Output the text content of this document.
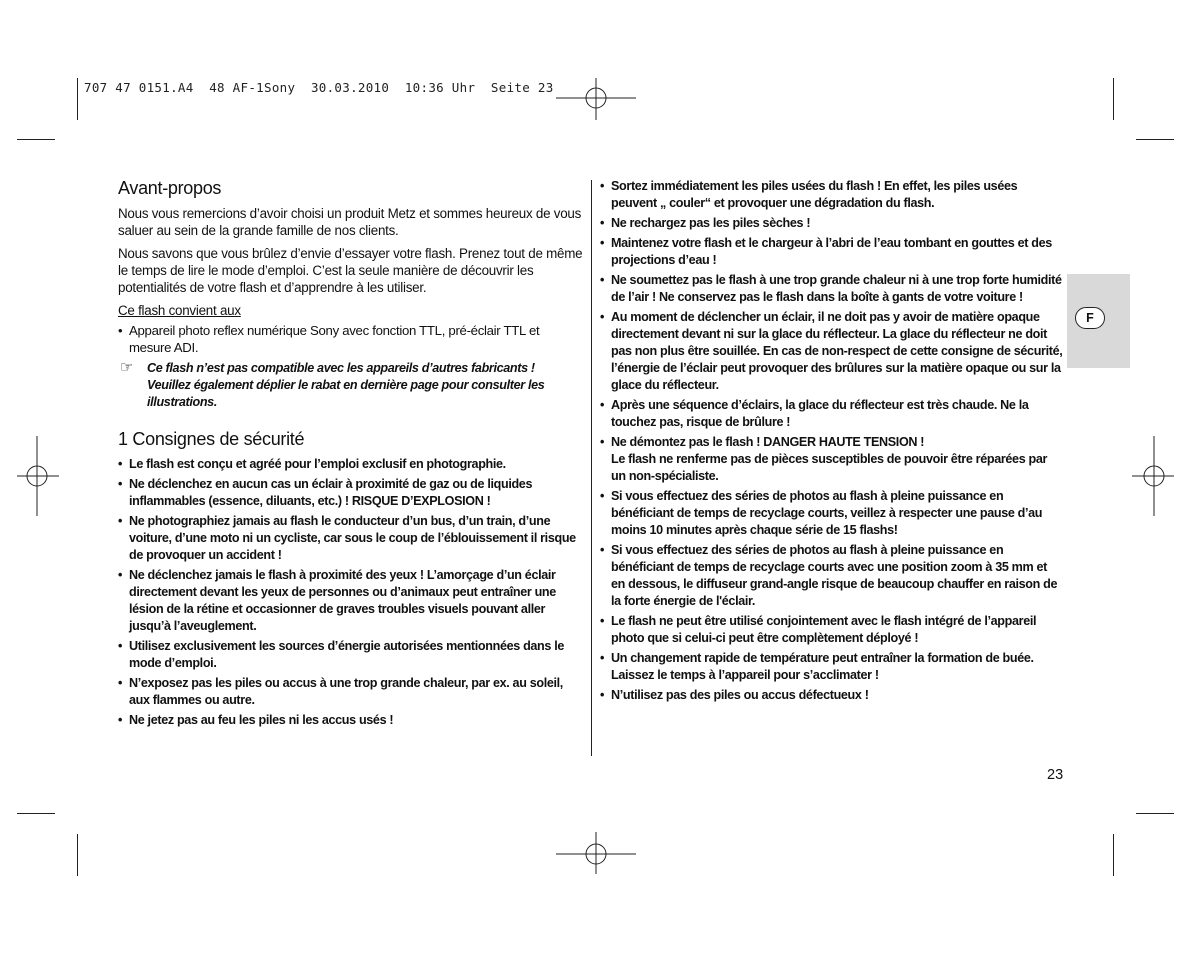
707 47 0151.A4  48 AF-1Sony  30.03.2010  10:36 Uhr  Seite 23
Avant-propos

Nous vous remercions d’avoir choisi un produit Metz et sommes heureux de vous saluer au sein de la grande famille de nos clients.

Nous savons que vous brûlez d’envie d’essayer votre flash. Prenez tout de même le temps de lire le mode d’emploi. C’est la seule manière de découvrir les potentialités de votre flash et d’apprendre à les utiliser.

Ce flash convient aux

• Appareil photo reflex numérique Sony avec fonction TTL, pré-éclair TTL et mesure ADI.
☞ Ce flash n’est pas compatible avec les appareils d’autres fabricants !
Veuillez également déplier le rabat en dernière page pour consulter les illustrations.
1 Consignes de sécurité
• Le flash est conçu et agréé pour l’emploi exclusif en photographie.
• Ne déclenchez en aucun cas un éclair à proximité de gaz ou de liquides inflammables (essence, diluants, etc.) ! RISQUE D’EXPLOSION !
• Ne photographiez jamais au flash le conducteur d’un bus, d’un train, d’une voiture, d’une moto ni un cycliste, car sous le coup de l’éblouissement il risque de provoquer un accident !
• Ne déclenchez jamais le flash à proximité des yeux ! L’amorçage d’un éclair directement devant les yeux de personnes ou d’animaux peut entraîner une lésion de la rétine et occasionner de graves troubles visuels pouvant aller jusqu’à l’aveuglement.
• Utilisez exclusivement les sources d’énergie autorisées mentionnées dans le mode d’emploi.
• N’exposez pas les piles ou accus à une trop grande chaleur, par ex. au soleil, aux flammes ou autre.
• Ne jetez pas au feu les piles ni les accus usés !
• Sortez immédiatement les piles usées du flash ! En effet, les piles usées peuvent „ couler“ et provoquer une dégradation du flash.
• Ne rechargez pas les piles sèches !
• Maintenez votre flash et le chargeur à l’abri de l’eau tombant en gouttes et des projections d’eau !
• Ne soumettez pas le flash à une trop grande chaleur ni à une trop forte humidité de l’air ! Ne conservez pas le flash dans la boîte à gants de votre voiture !
• Au moment de déclencher un éclair, il ne doit pas y avoir de matière opaque directement devant ni sur la glace du réflecteur. La glace du réflecteur ne doit pas non plus être souillée. En cas de non-respect de cette consigne de sécurité, l’énergie de l’éclair peut provoquer des brûlures sur la matière opaque ou sur la glace du réflecteur.
• Après une séquence d’éclairs, la glace du réflecteur est très chaude. Ne la touchez pas, risque de brûlure !
• Ne démontez pas le flash ! DANGER HAUTE TENSION !
Le flash ne renferme pas de pièces susceptibles de pouvoir être réparées par un non-spécialiste.
• Si vous effectuez des séries de photos au flash à pleine puissance en bénéficiant de temps de recyclage courts, veillez à respecter une pause d’au moins 10 minutes après chaque série de 15 flashs!
• Si vous effectuez des séries de photos au flash à pleine puissance en bénéficiant de temps de recyclage courts avec une position zoom à 35 mm et en dessous, le diffuseur grand-angle risque de beaucoup chauffer en raison de la forte énergie de l'éclair.
• Le flash ne peut être utilisé conjointement avec le flash intégré de l’appareil photo que si celui-ci peut être complètement déployé !
• Un changement rapide de température peut entraîner la formation de buée. Laissez le temps à l’appareil pour s’acclimater !
• N’utilisez pas des piles ou accus défectueux !
F
23
